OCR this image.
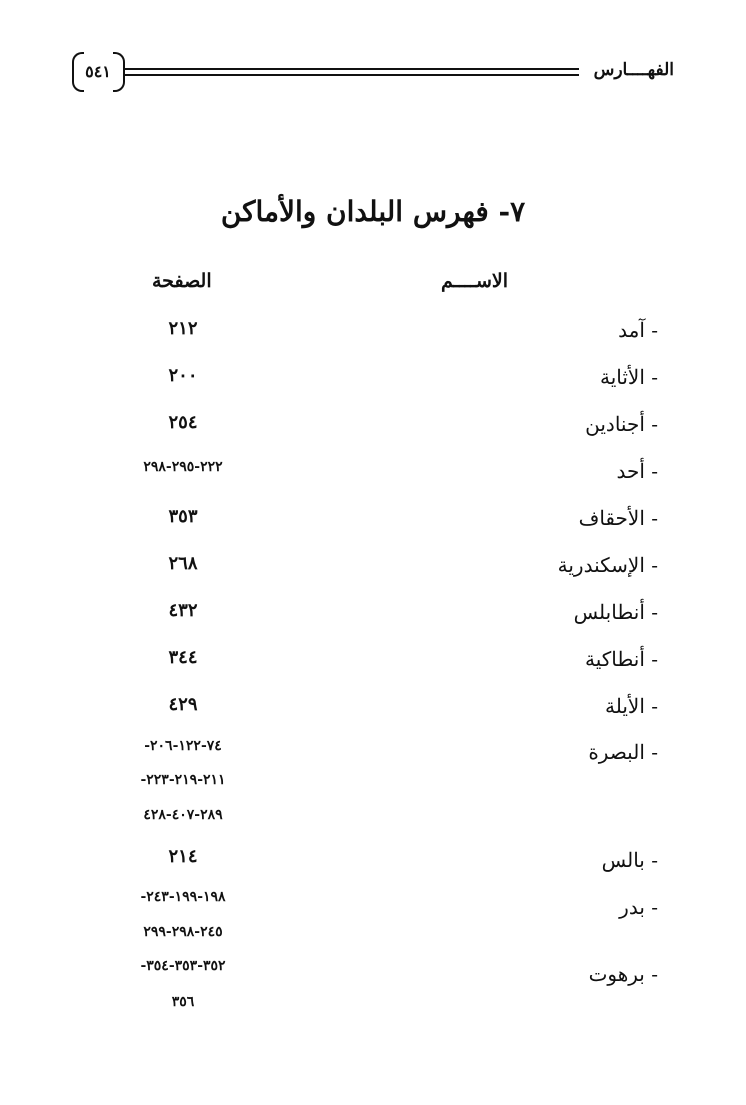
الفهــــارس
٥٤١
٧- فهرس البلدان والأماكن
الاســــم
الصفحة
- آمد
٢١٢
- الأثاية
٢٠٠
- أجنادين
٢٥٤
- أحد
٢٢٢-٢٩٥-٢٩٨
- الأحقاف
٣٥٣
- الإسكندرية
٢٦٨
- أنطابلس
٤٣٢
- أنطاكية
٣٤٤
- الأيلة
٤٢٩
- البصرة
٧٤-١٢٢-٢٠٦-
٢١١-٢١٩-٢٢٣-
٢٨٩-٤٠٧-٤٢٨
- بالس
٢١٤
- بدر
١٩٨-١٩٩-٢٤٣-
٢٤٥-٢٩٨-٢٩٩
- برهوت
٣٥٢-٣٥٣-٣٥٤-
٣٥٦
